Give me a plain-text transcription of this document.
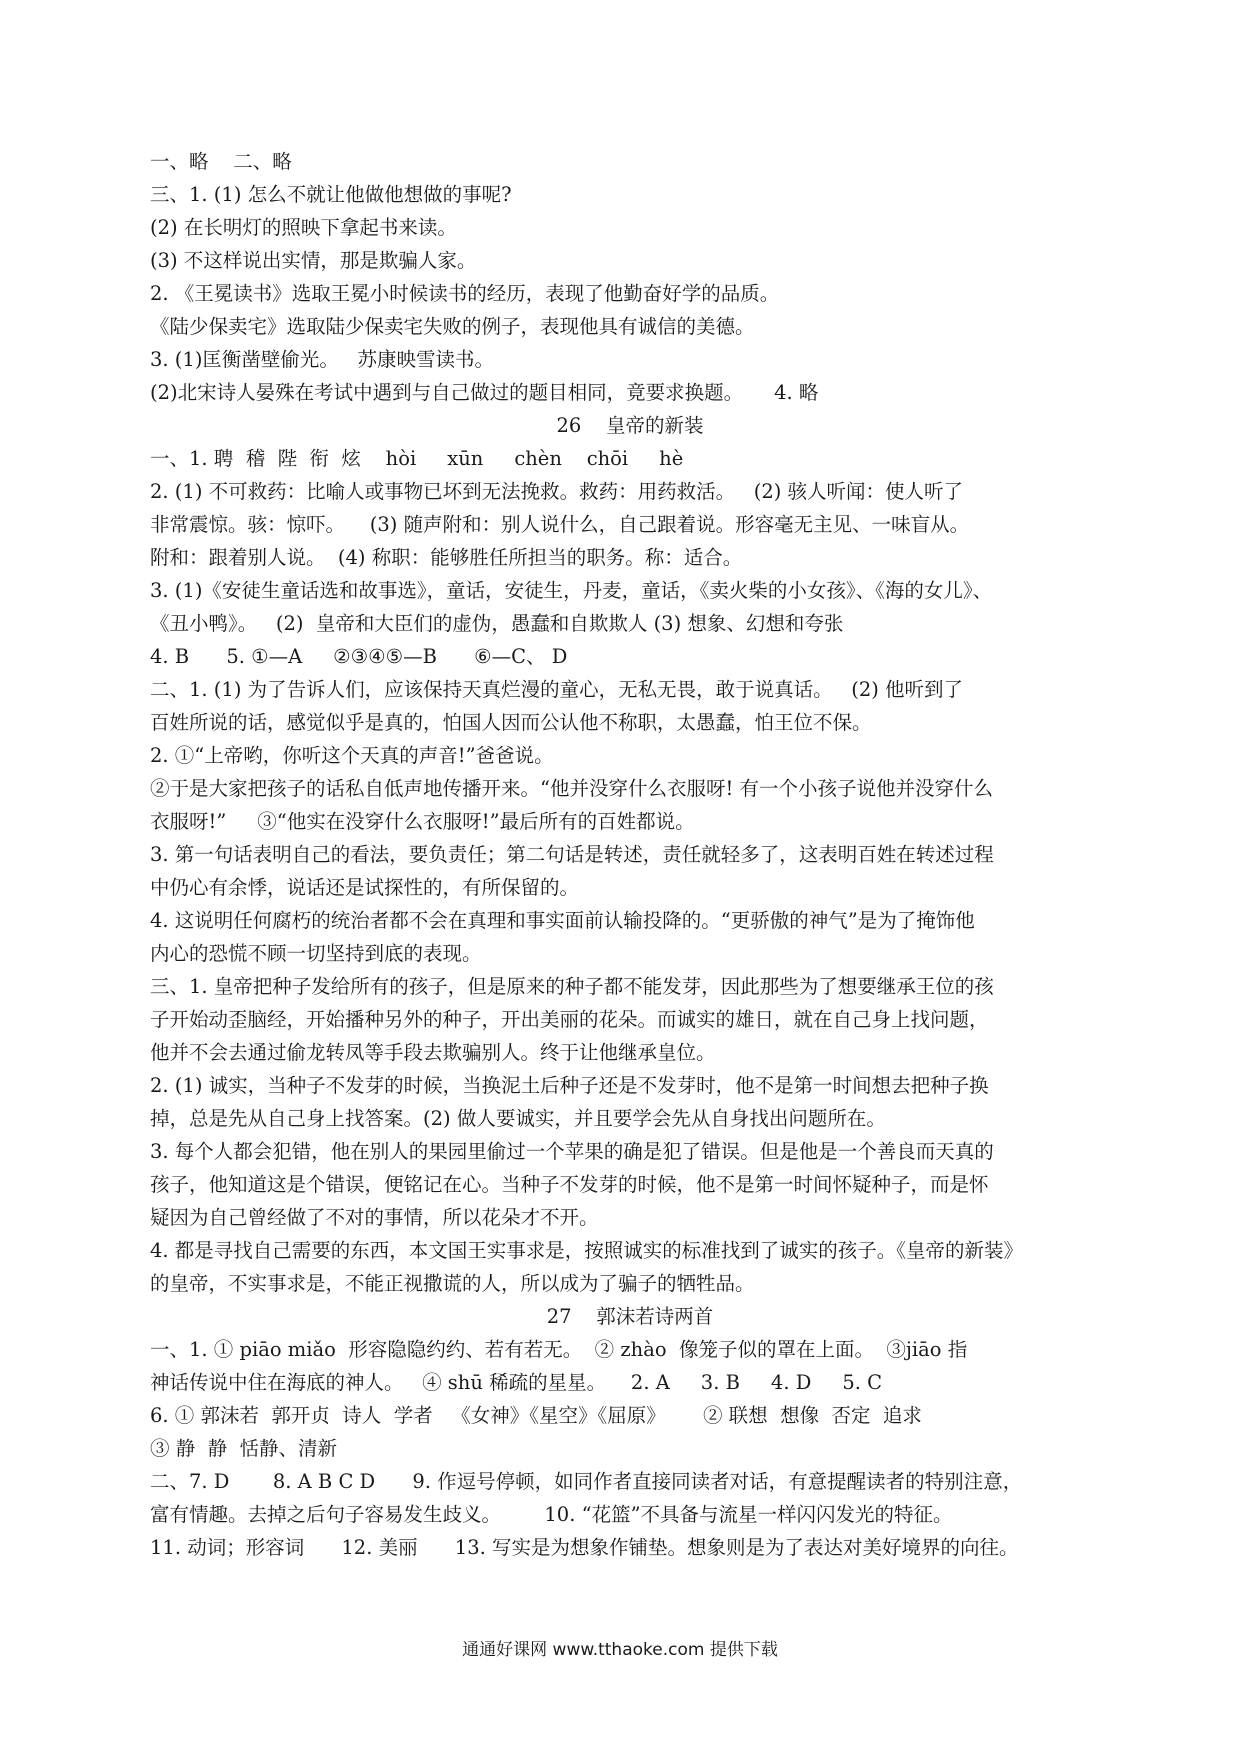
一、略    二、略
三、1. (1) 怎么不就让他做他想做的事呢?
(2) 在长明灯的照映下拿起书来读。
(3) 不这样说出实情，那是欺骗人家。
2. 《王冕读书》选取王冕小时候读书的经历，表现了他勤奋好学的品质。
《陆少保卖宅》选取陆少保卖宅失败的例子，表现他具有诚信的美德。
3. (1)匡衡凿壁偷光。   苏康映雪读书。
(2)北宋诗人晏殊在考试中遇到与自己做过的题目相同，竟要求换题。     4. 略
26    皇帝的新装
一、1. 聘  稽  陛  衔  炫    hòi     xūn     chèn    chōi     hè
2. (1) 不可救药：比喻人或事物已坏到无法挽救。救药：用药救活。   (2) 骇人听闻：使人听了
非常震惊。骇：惊吓。    (3) 随声附和：别人说什么，自己跟着说。形容毫无主见、一味盲从。
附和：跟着别人说。  (4) 称职：能够胜任所担当的职务。称：适合。
3. (1)《安徒生童话选和故事选》，童话，安徒生，丹麦，童话，《卖火柴的小女孩》、《海的女儿》、
《丑小鸭》。   (2)  皇帝和大臣们的虚伪，愚蠢和自欺欺人 (3) 想象、幻想和夸张
4. B      5. ①—A     ②③④⑤—B      ⑥—C、 D
二、1. (1) 为了告诉人们，应该保持天真烂漫的童心，无私无畏，敢于说真话。   (2) 他听到了
百姓所说的话，感觉似乎是真的，怕国人因而公认他不称职，太愚蠢，怕王位不保。
2. ①“上帝哟，你听这个天真的声音!”爸爸说。
②于是大家把孩子的话私自低声地传播开来。“他并没穿什么衣服呀! 有一个小孩子说他并没穿什么
衣服呀!”     ③“他实在没穿什么衣服呀!”最后所有的百姓都说。
3. 第一句话表明自己的看法，要负责任；第二句话是转述，责任就轻多了，这表明百姓在转述过程
中仍心有余悸，说话还是试探性的，有所保留的。
4. 这说明任何腐朽的统治者都不会在真理和事实面前认输投降的。“更骄傲的神气”是为了掩饰他
内心的恐慌不顾一切坚持到底的表现。
三、1. 皇帝把种子发给所有的孩子，但是原来的种子都不能发芽，因此那些为了想要继承王位的孩
子开始动歪脑经，开始播种另外的种子，开出美丽的花朵。而诚实的雄日，就在自己身上找问题，
他并不会去通过偷龙转凤等手段去欺骗别人。终于让他继承皇位。
2. (1) 诚实，当种子不发芽的时候，当换泥土后种子还是不发芽时，他不是第一时间想去把种子换
掉，总是先从自己身上找答案。(2) 做人要诚实，并且要学会先从自身找出问题所在。
3. 每个人都会犯错，他在别人的果园里偷过一个苹果的确是犯了错误。但是他是一个善良而天真的
孩子，他知道这是个错误，便铭记在心。当种子不发芽的时候，他不是第一时间怀疑种子，而是怀
疑因为自己曾经做了不对的事情，所以花朵才不开。
4. 都是寻找自己需要的东西，本文国王实事求是，按照诚实的标准找到了诚实的孩子。《皇帝的新装》
的皇帝，不实事求是，不能正视撒谎的人，所以成为了骗子的牺牲品。
27    郭沫若诗两首
一、1. ① piāo miǎo  形容隐隐约约、若有若无。  ② zhào  像笼子似的罩在上面。  ③jiāo 指
神话传说中住在海底的神人。   ④ shū 稀疏的星星。    2. A     3. B     4. D     5. C
6. ① 郭沫若  郭开贞  诗人  学者   《女神》《星空》《屈原》      ② 联想  想像  否定  追求
③ 静  静  恬静、清新
二、7. D       8. A B C D      9. 作逗号停顿，如同作者直接同读者对话，有意提醒读者的特别注意，
富有情趣。去掉之后句子容易发生歧义。       10. “花篮”不具备与流星一样闪闪发光的特征。
11. 动词；形容词      12. 美丽      13. 写实是为想象作铺垫。想象则是为了表达对美好境界的向往。
通通好课网 www.tthaoke.com 提供下载
